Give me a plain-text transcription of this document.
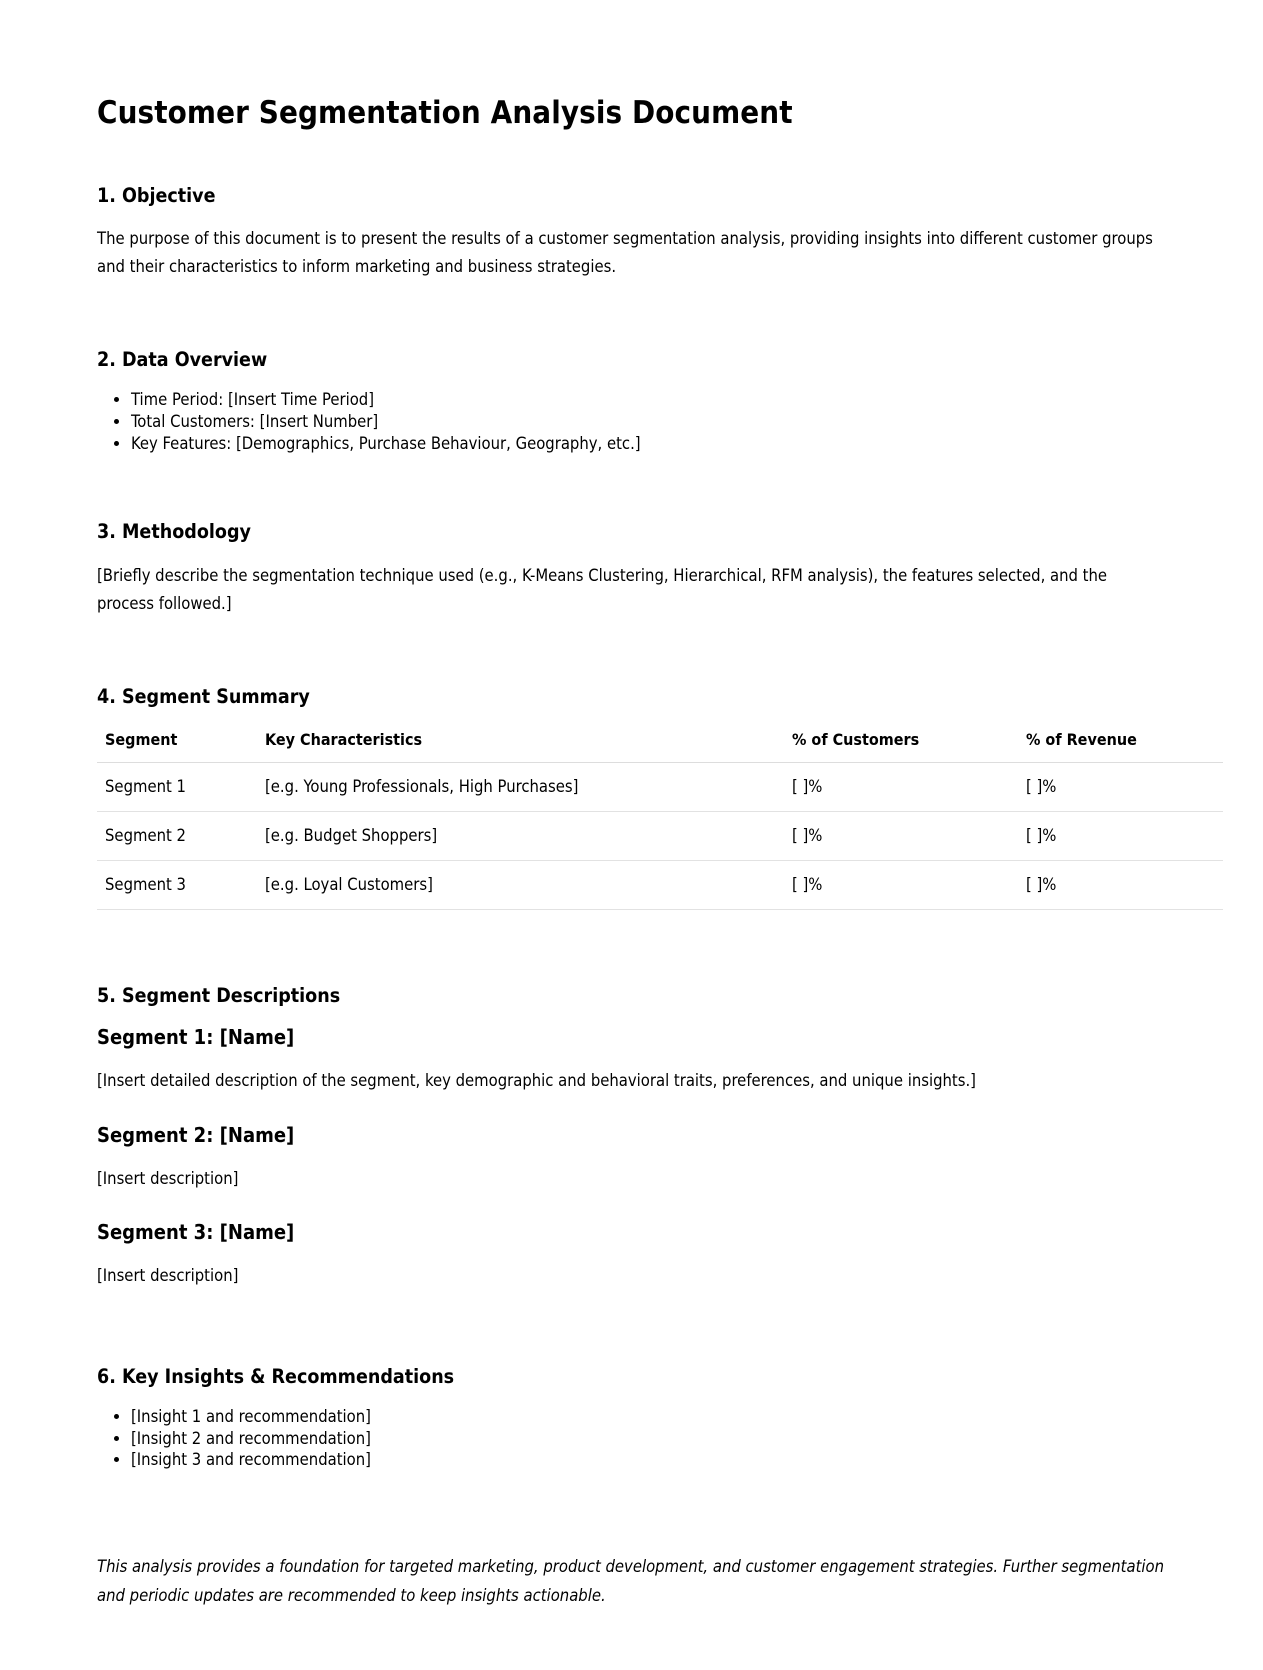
Customer Segmentation Analysis Document
1. Objective

The purpose of this document is to present the results of a customer segmentation analysis, providing insights into different customer groups and their characteristics to inform marketing and business strategies.

2. Data Overview
• Time Period: [Insert Time Period]
• Total Customers: [Insert Number]
• Key Features: [Demographics, Purchase Behaviour, Geography, etc.]
3. Methodology

[Briefly describe the segmentation technique used (e.g., K-Means Clustering, Hierarchical, RFM analysis), the features selected, and the process followed.]

4. Segment Summary
Segment	Key Characteristics	% of Customers	% of Revenue
Segment 1	[e.g. Young Professionals, High Purchases]	[ ]%	[ ]%
Segment 2	[e.g. Budget Shoppers]	[ ]%	[ ]%
Segment 3	[e.g. Loyal Customers]	[ ]%	[ ]%
5. Segment Descriptions
Segment 1: [Name]

[Insert detailed description of the segment, key demographic and behavioral traits, preferences, and unique insights.]

Segment 2: [Name]

[Insert description]

Segment 3: [Name]

[Insert description]

6. Key Insights & Recommendations
• [Insight 1 and recommendation]
• [Insight 2 and recommendation]
• [Insight 3 and recommendation]

This analysis provides a foundation for targeted marketing, product development, and customer engagement strategies. Further segmentation and periodic updates are recommended to keep insights actionable.
